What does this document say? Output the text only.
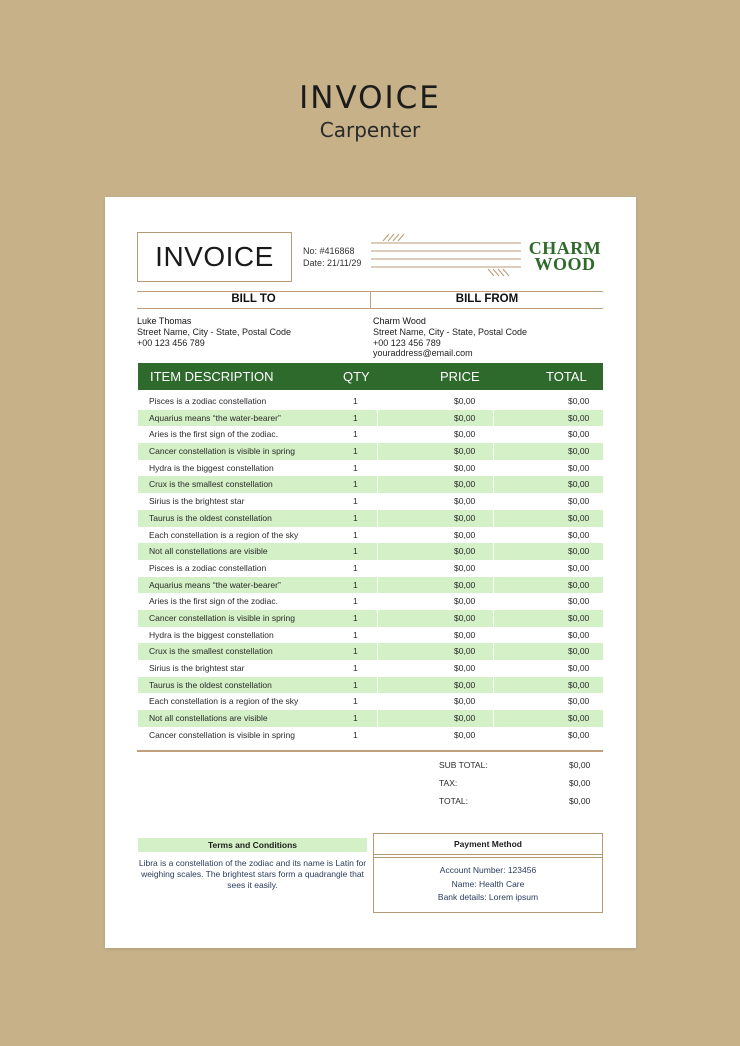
INVOICE
Carpenter
INVOICE	No: #416868
Date: 21/11/29
CHARM
WOOD
BILL TO	BILL FROM
Luke Thomas
Street Name, City - State, Postal Code
+00 123 456 789
Charm Wood
Street Name, City - State, Postal Code
+00 123 456 789
youraddress@email.com
ITEM DESCRIPTION	QTY	PRICE	TOTAL
Pisces is a zodiac constellation	1	$0,00	$0,00
Aquarius means “the water-bearer”	1	$0,00	$0,00
Aries is the first sign of the zodiac.	1	$0,00	$0,00
Cancer constellation is visible in spring	1	$0,00	$0,00
Hydra is the biggest constellation	1	$0,00	$0,00
Crux is the smallest constellation	1	$0,00	$0,00
Sirius is the brightest star	1	$0,00	$0,00
Taurus is the oldest constellation	1	$0,00	$0,00
Each constellation is a region of the sky	1	$0,00	$0,00
Not all constellations are visible	1	$0,00	$0,00
Pisces is a zodiac constellation	1	$0,00	$0,00
Aquarius means “the water-bearer”	1	$0,00	$0,00
Aries is the first sign of the zodiac.	1	$0,00	$0,00
Cancer constellation is visible in spring	1	$0,00	$0,00
Hydra is the biggest constellation	1	$0,00	$0,00
Crux is the smallest constellation	1	$0,00	$0,00
Sirius is the brightest star	1	$0,00	$0,00
Taurus is the oldest constellation	1	$0,00	$0,00
Each constellation is a region of the sky	1	$0,00	$0,00
Not all constellations are visible	1	$0,00	$0,00
Cancer constellation is visible in spring	1	$0,00	$0,00
SUB TOTAL:	$0,00
TAX:	$0,00
TOTAL:	$0,00
Terms and Conditions
Libra is a constellation of the zodiac and its name is Latin for weighing scales. The brightest stars form a quadrangle that sees it easily.
Payment Method
Account Number: 123456
Name: Health Care
Bank details: Lorem ipsum
